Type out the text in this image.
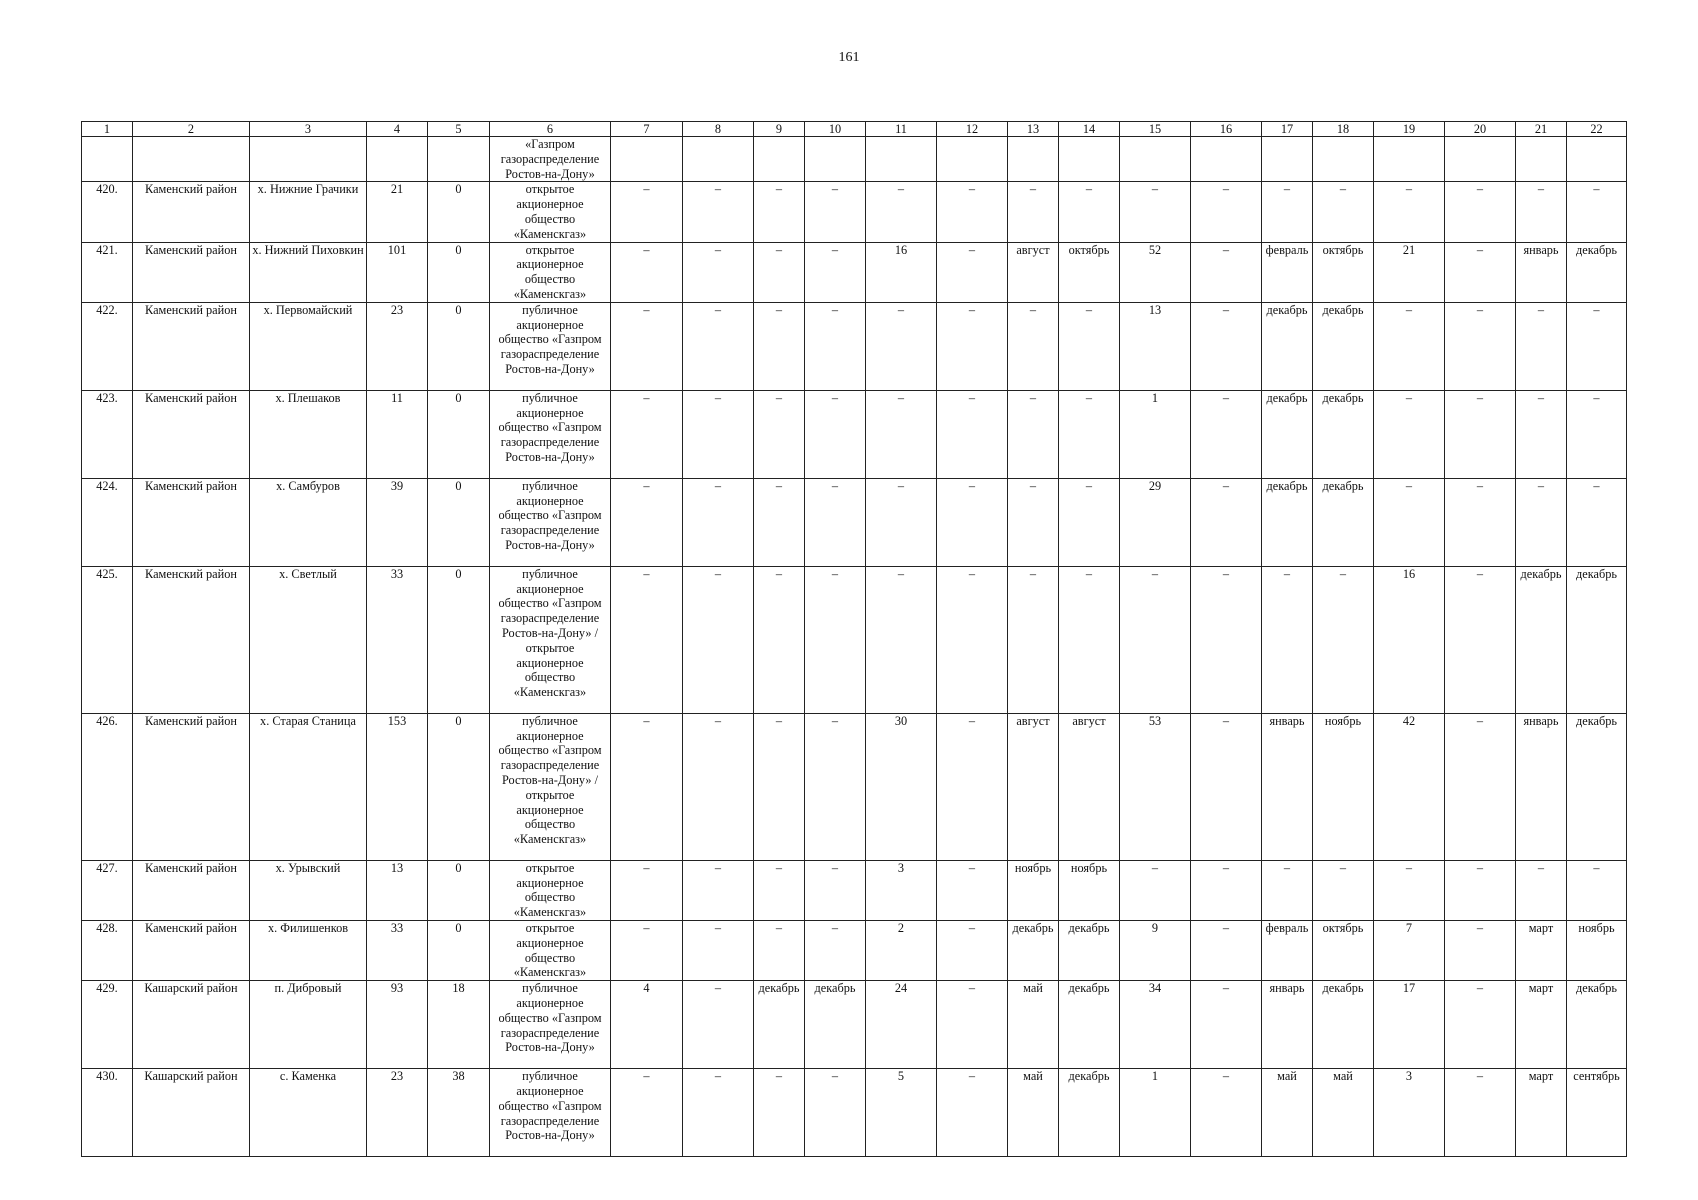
161
1	2	3	4	5	6	7	8	9	10	11	12	13	14	15	16	17	18	19	20	21	22
					«Газпром газораспределение Ростов-на-Дону»																
420.	Каменский район	х. Нижние Грачики	21	0	открытое акционерное общество «Каменскгаз»	–	–	–	–	–	–	–	–	–	–	–	–	–	–	–	–
421.	Каменский район	х. Нижний Пиховкин	101	0	открытое акционерное общество «Каменскгаз»	–	–	–	–	16	–	август	октябрь	52	–	февраль	октябрь	21	–	январь	декабрь
422.	Каменский район	х. Первомайский	23	0	публичное акционерное общество «Газпром газораспределение Ростов-на-Дону»	–	–	–	–	–	–	–	–	13	–	декабрь	декабрь	–	–	–	–
423.	Каменский район	х. Плешаков	11	0	публичное акционерное общество «Газпром газораспределение Ростов-на-Дону»	–	–	–	–	–	–	–	–	1	–	декабрь	декабрь	–	–	–	–
424.	Каменский район	х. Самбуров	39	0	публичное акционерное общество «Газпром газораспределение Ростов-на-Дону»	–	–	–	–	–	–	–	–	29	–	декабрь	декабрь	–	–	–	–
425.	Каменский район	х. Светлый	33	0	публичное акционерное общество «Газпром газораспределение Ростов-на-Дону» / открытое акционерное общество «Каменскгаз»	–	–	–	–	–	–	–	–	–	–	–	–	16	–	декабрь	декабрь
426.	Каменский район	х. Старая Станица	153	0	публичное акционерное общество «Газпром газораспределение Ростов-на-Дону» / открытое акционерное общество «Каменскгаз»	–	–	–	–	30	–	август	август	53	–	январь	ноябрь	42	–	январь	декабрь
427.	Каменский район	х. Урывский	13	0	открытое акционерное общество «Каменскгаз»	–	–	–	–	3	–	ноябрь	ноябрь	–	–	–	–	–	–	–	–
428.	Каменский район	х. Филишенков	33	0	открытое акционерное общество «Каменскгаз»	–	–	–	–	2	–	декабрь	декабрь	9	–	февраль	октябрь	7	–	март	ноябрь
429.	Кашарский район	п. Дибровый	93	18	публичное акционерное общество «Газпром газораспределение Ростов-на-Дону»	4	–	декабрь	декабрь	24	–	май	декабрь	34	–	январь	декабрь	17	–	март	декабрь
430.	Кашарский район	с. Каменка	23	38	публичное акционерное общество «Газпром газораспределение Ростов-на-Дону»	–	–	–	–	5	–	май	декабрь	1	–	май	май	3	–	март	сентябрь
